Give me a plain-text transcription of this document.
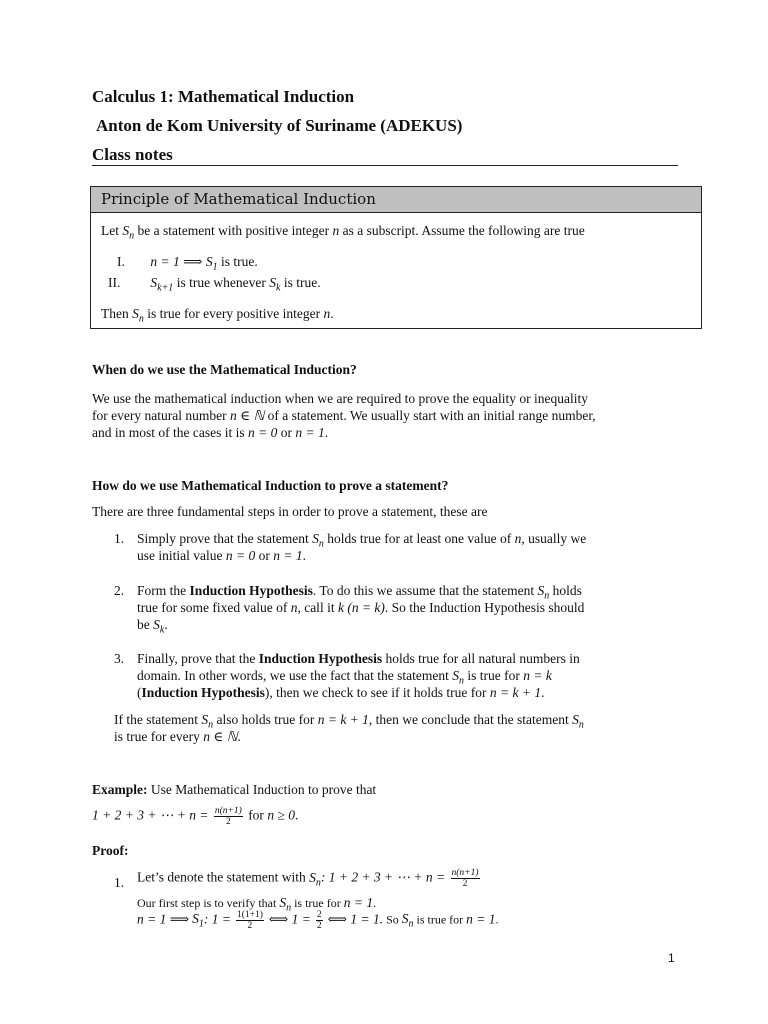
Calculus 1: Mathematical Induction
Anton de Kom University of Suriname (ADEKUS)
Class notes
Principle of Mathematical Induction
Let $S_n$ be a statement with positive integer n as a subscript. Assume the following are true
I. n = 1 ⟹ $S_1$ is true.
II. $S_{k+1}$ is true whenever $S_k$ is true.
Then $S_n$ is true for every positive integer n.
When do we use the Mathematical Induction?
We use the mathematical induction when we are required to prove the equality or inequality
for every natural number n ∈ ℕ of a statement. We usually start with an initial range number,
and in most of the cases it is n = 0 or n = 1.
How do we use Mathematical Induction to prove a statement?
There are three fundamental steps in order to prove a statement, these are
1. Simply prove that the statement $S_n$ holds true for at least one value of n, usually we
use initial value n = 0 or n = 1.
2. Form the Induction Hypothesis. To do this we assume that the statement $S_n$ holds
true for some fixed value of n, call it k (n = k). So the Induction Hypothesis should
be $S_k$.
3. Finally, prove that the Induction Hypothesis holds true for all natural numbers in
domain. In other words, we use the fact that the statement $S_n$ is true for n = k
(Induction Hypothesis), then we check to see if it holds true for n = k + 1.
If the statement $S_n$ also holds true for n = k + 1, then we conclude that the statement $S_n$
is true for every n ∈ ℕ.
Example: Use Mathematical Induction to prove that
1 + 2 + 3 + ⋯ + $n = \frac{n(n+1)}{2}$ for n ≥ 0.
Proof:
1. Let’s denote the statement with $S_n$: 1 + 2 + 3 + ⋯ + $n = \frac{n(n+1)}{2}$
Our first step is to verify that $S_n$ is true for n = 1.
n = 1 ⟹ $S_1$: $1 = \frac{1(1+1)}{2}$ ⟺ $1 = \frac{2}{2}$ ⟺ 1 = 1. So $S_n$ is true for n = 1.
1
